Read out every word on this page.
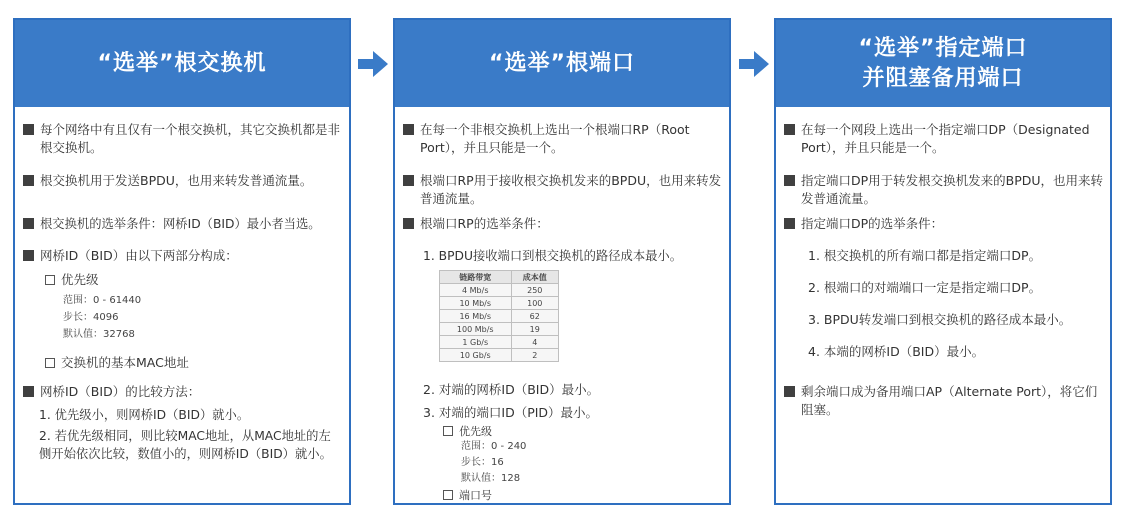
“选举”根交换机
每个网络中有且仅有一个根交换机，其它交换机都是非根交换机。
根交换机用于发送BPDU，也用来转发普通流量。
根交换机的选举条件：网桥ID（BID）最小者当选。
网桥ID（BID）由以下两部分构成：
优先级
范围：0 - 61440
步长：4096
默认值：32768
交换机的基本MAC地址
网桥ID（BID）的比较方法：
1. 优先级小，则网桥ID（BID）就小。
2. 若优先级相同，则比较MAC地址，从MAC地址的左侧开始依次比较，数值小的，则网桥ID（BID）就小。
“选举”根端口
在每一个非根交换机上选出一个根端口RP（Root Port），并且只能是一个。
根端口RP用于接收根交换机发来的BPDU，也用来转发普通流量。
根端口RP的选举条件：
1. BPDU接收端口到根交换机的路径成本最小。
链路带宽	成本值
4 Mb/s	250
10 Mb/s	100
16 Mb/s	62
100 Mb/s	19
1 Gb/s	4
10 Gb/s	2
2. 对端的网桥ID（BID）最小。
3. 对端的端口ID（PID）最小。
优先级
范围：0 - 240
步长：16
默认值：128
端口号
“选举”指定端口
并阻塞备用端口
在每一个网段上选出一个指定端口DP（Designated Port），并且只能是一个。
指定端口DP用于转发根交换机发来的BPDU，也用来转发普通流量。
指定端口DP的选举条件：
1. 根交换机的所有端口都是指定端口DP。
2. 根端口的对端端口一定是指定端口DP。
3. BPDU转发端口到根交换机的路径成本最小。
4. 本端的网桥ID（BID）最小。
剩余端口成为备用端口AP（Alternate Port），将它们阻塞。
